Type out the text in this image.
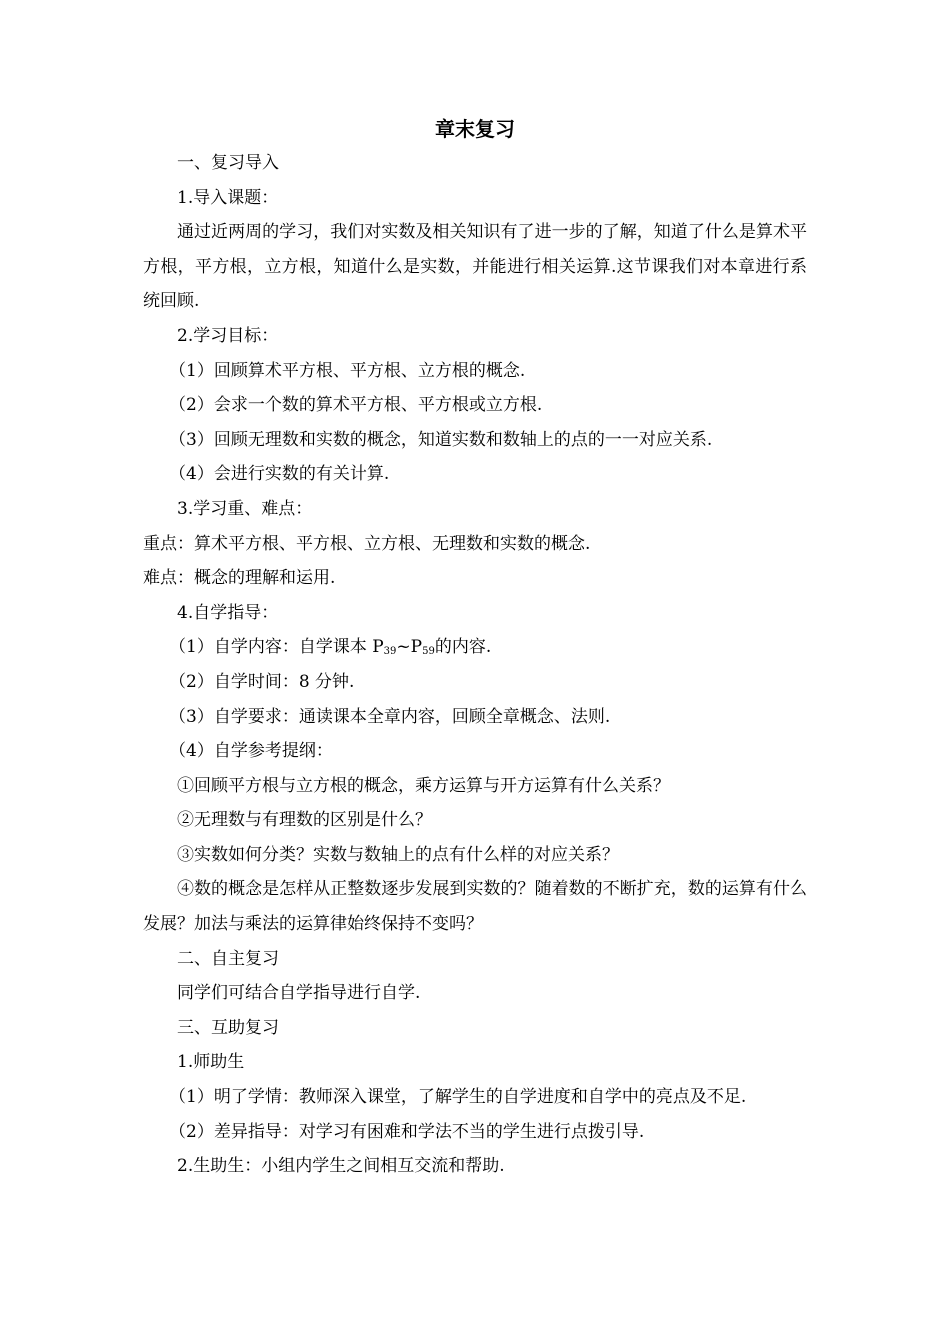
章末复习

一、复习导入

1.导入课题：

通过近两周的学习，我们对实数及相关知识有了进一步的了解，知道了什么是算术平方根，平方根，立方根，知道什么是实数，并能进行相关运算.这节课我们对本章进行系统回顾.

2.学习目标：

（1）回顾算术平方根、平方根、立方根的概念.

（2）会求一个数的算术平方根、平方根或立方根.

（3）回顾无理数和实数的概念，知道实数和数轴上的点的一一对应关系.

（4）会进行实数的有关计算.

3.学习重、难点：

重点：算术平方根、平方根、立方根、无理数和实数的概念.

难点：概念的理解和运用.

4.自学指导：

（1）自学内容：自学课本 $P_{39}\sim P_{59}$的内容.

（2）自学时间：8 分钟.

（3）自学要求：通读课本全章内容，回顾全章概念、法则.

（4）自学参考提纲：

①回顾平方根与立方根的概念，乘方运算与开方运算有什么关系？

②无理数与有理数的区别是什么？

③实数如何分类？实数与数轴上的点有什么样的对应关系？

④数的概念是怎样从正整数逐步发展到实数的？随着数的不断扩充，数的运算有什么发展？加法与乘法的运算律始终保持不变吗？

二、自主复习

同学们可结合自学指导进行自学.

三、互助复习

1.师助生

（1）明了学情：教师深入课堂，了解学生的自学进度和自学中的亮点及不足.

（2）差异指导：对学习有困难和学法不当的学生进行点拨引导.

2.生助生：小组内学生之间相互交流和帮助.
